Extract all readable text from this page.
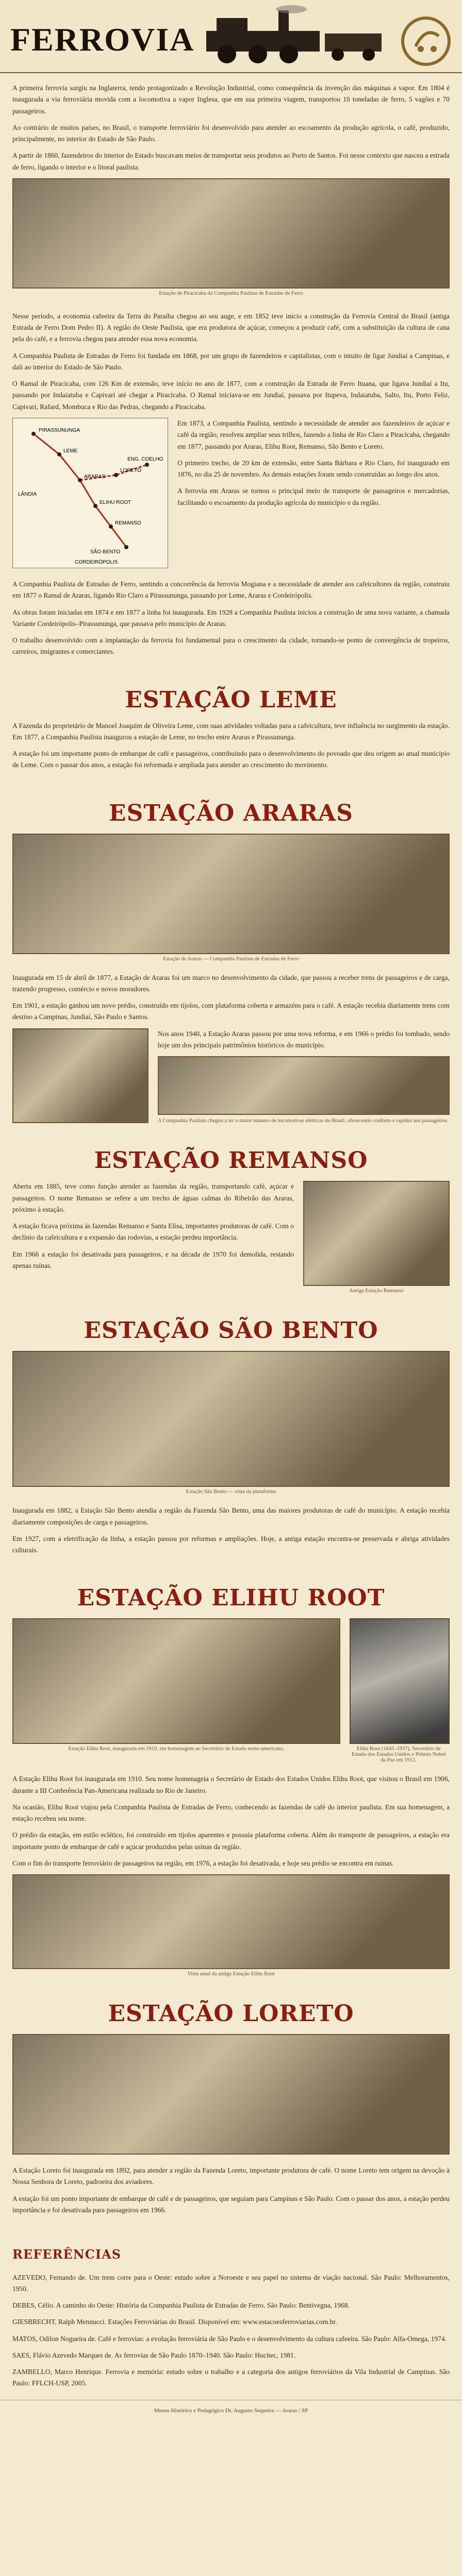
FERROVIA

A primeira ferrovia surgiu na Inglaterra, tendo protagonizado a Revolução Industrial, como consequência da invenção das máquinas a vapor. Em 1804 é inaugurada a via ferroviária movida com a locomotiva a vapor Inglesa, que em sua primeira viagem, transportou 10 toneladas de ferro, 5 vagões e 70 passageiros.

Ao contrário de muitos países, no Brasil, o transporte ferroviário foi desenvolvido para atender ao escoamento da produção agrícola, o café, produzido, principalmente, no interior do Estado de São Paulo.

A partir de 1860, fazendeiros do interior do Estado buscavam meios de transportar seus produtos ao Porto de Santos. Foi nesse contexto que nasceu a estrada de ferro, ligando o interior e o litoral paulista.

Estação de Piracicaba da Companhia Paulista de Estradas de Ferro

Nesse período, a economia cafeeira da Terra do Paraíba chegou ao seu auge, e em 1852 teve início a construção da Ferrovia Central do Brasil (antiga Estrada de Ferro Dom Pedro II). A região do Oeste Paulista, que era produtora de açúcar, começou a produzir café, com a substituição da cultura de cana pela do café, e a ferrovia chegou para atender essa nova economia.

A Companhia Paulista de Estradas de Ferro foi fundada em 1868, por um grupo de fazendeiros e capitalistas, com o intuito de ligar Jundiaí a Campinas, e dali ao interior do Estado de São Paulo.

O Ramal de Piracicaba, com 126 Km de extensão, teve início no ano de 1877, com a construção da Estrada de Ferro Ituana, que ligava Jundiaí a Itu, passando por Indaiatuba e Capivari até chegar a Piracicaba. O Ramal iniciava-se em Jundiaí, passava por Itupeva, Indaiatuba, Salto, Itu, Porto Feliz, Capivari, Rafard, Mombuca e Rio das Pedras, chegando a Piracicaba.

PIRASSUNUNGA
LEME
ARARAS
LÂNDIA
ELIHU ROOT
REMANSO
SÃO BENTO
LORETO
ENG. COELHO
CORDEIRÓPOLIS

Em 1873, a Companhia Paulista, sentindo a necessidade de atender aos fazendeiros de açúcar e café da região, resolveu ampliar seus trilhos, fazendo a linha de Rio Claro a Piracicaba, chegando em 1877, passando por Araras, Elihu Root, Remanso, São Bento e Loreto.

O primeiro trecho, de 20 km de extensão, entre Santa Bárbara e Rio Claro, foi inaugurado em 1876, no dia 25 de novembro. As demais estações foram sendo construídas ao longo dos anos.

A ferrovia em Araras se tornou o principal meio de transporte de passageiros e mercadorias, facilitando o escoamento da produção agrícola do município e da região.

A Companhia Paulista de Estradas de Ferro, sentindo a concorrência da ferrovia Mogiana e a necessidade de atender aos cafeicultores da região, construiu em 1877 o Ramal de Araras, ligando Rio Claro a Pirassununga, passando por Leme, Araras e Cordeirópolis.

As obras foram iniciadas em 1874 e em 1877 a linha foi inaugurada. Em 1928 a Companhia Paulista iniciou a construção de uma nova variante, a chamada Variante Cordeirópolis–Pirassununga, que passava pelo município de Araras.

O trabalho desenvolvido com a implantação da ferrovia foi fundamental para o crescimento da cidade, tornando-se ponto de convergência de tropeiros, carreiros, imigrantes e comerciantes.

ESTAÇÃO LEME

A Fazenda do proprietário de Manoel Joaquim de Oliveira Leme, com suas atividades voltadas para a cafeicultura, teve influência no surgimento da estação. Em 1877, a Companhia Paulista inaugurou a estação de Leme, no trecho entre Araras e Pirassununga.

A estação foi um importante ponto de embarque de café e passageiros, contribuindo para o desenvolvimento do povoado que deu origem ao atual município de Leme. Com o passar dos anos, a estação foi reformada e ampliada para atender ao crescimento do movimento.

ESTAÇÃO ARARAS
Estação de Araras — Companhia Paulista de Estradas de Ferro

Inaugurada em 15 de abril de 1877, a Estação de Araras foi um marco no desenvolvimento da cidade, que passou a receber trens de passageiros e de carga, trazendo progresso, comércio e novos moradores.

Em 1901, a estação ganhou um novo prédio, construído em tijolos, com plataforma coberta e armazéns para o café. A estação recebia diariamente trens com destino a Campinas, Jundiaí, São Paulo e Santos.

Nos anos 1940, a Estação Araras passou por uma nova reforma, e em 1966 o prédio foi tombado, sendo hoje um dos principais patrimônios históricos do município.

A Companhia Paulista chegou a ter o maior número de locomotivas elétricas do Brasil, oferecendo conforto e rapidez aos passageiros.
ESTAÇÃO REMANSO

Aberta em 1885, teve como função atender as fazendas da região, transportando café, açúcar e passageiros. O nome Remanso se refere a um trecho de águas calmas do Ribeirão das Araras, próximo à estação.

A estação ficava próxima às fazendas Remanso e Santa Elisa, importantes produtoras de café. Com o declínio da cafeicultura e a expansão das rodovias, a estação perdeu importância.

Em 1966 a estação foi desativada para passageiros, e na década de 1970 foi demolida, restando apenas ruínas.

Antiga Estação Remanso
ESTAÇÃO SÃO BENTO
Estação São Bento — vista da plataforma

Inaugurada em 1882, a Estação São Bento atendia a região da Fazenda São Bento, uma das maiores produtoras de café do município. A estação recebia diariamente composições de carga e passageiros.

Em 1927, com a eletrificação da linha, a estação passou por reformas e ampliações. Hoje, a antiga estação encontra-se preservada e abriga atividades culturais.

ESTAÇÃO ELIHU ROOT
Estação Elihu Root, inaugurada em 1910, em homenagem ao Secretário de Estado norte-americano.	Elihu Root (1845–1937), Secretário de Estado dos Estados Unidos e Prêmio Nobel da Paz em 1912.

A Estação Elihu Root foi inaugurada em 1910. Seu nome homenageia o Secretário de Estado dos Estados Unidos Elihu Root, que visitou o Brasil em 1906, durante a III Conferência Pan-Americana realizada no Rio de Janeiro.

Na ocasião, Elihu Root viajou pela Companhia Paulista de Estradas de Ferro, conhecendo as fazendas de café do interior paulista. Em sua homenagem, a estação recebeu seu nome.

O prédio da estação, em estilo eclético, foi construído em tijolos aparentes e possuía plataforma coberta. Além do transporte de passageiros, a estação era importante ponto de embarque de café e açúcar produzidos pelas usinas da região.

Com o fim do transporte ferroviário de passageiros na região, em 1976, a estação foi desativada, e hoje seu prédio se encontra em ruínas.

Vista atual da antiga Estação Elihu Root
ESTAÇÃO LORETO

A Estação Loreto foi inaugurada em 1892, para atender a região da Fazenda Loreto, importante produtora de café. O nome Loreto tem origem na devoção à Nossa Senhora de Loreto, padroeira dos aviadores.

A estação foi um ponto importante de embarque de café e de passageiros, que seguiam para Campinas e São Paulo. Com o passar dos anos, a estação perdeu importância e foi desativada para passageiros em 1966.

REFERÊNCIAS

AZEVEDO, Fernando de. Um trem corre para o Oeste: estudo sobre a Noroeste e seu papel no sistema de viação nacional. São Paulo: Melhoramentos, 1950.

DEBES, Célio. A caminho do Oeste: História da Companhia Paulista de Estradas de Ferro. São Paulo: Bentivegna, 1968.

GIESBRECHT, Ralph Mennucci. Estações Ferroviárias do Brasil. Disponível em: www.estacoesferroviarias.com.br.

MATOS, Odilon Nogueira de. Café e ferrovias: a evolução ferroviária de São Paulo e o desenvolvimento da cultura cafeeira. São Paulo: Alfa-Omega, 1974.

SAES, Flávio Azevedo Marques de. As ferrovias de São Paulo 1870–1940. São Paulo: Hucitec, 1981.

ZAMBELLO, Marco Henrique. Ferrovia e memória: estudo sobre o trabalho e a categoria dos antigos ferroviários da Vila Industrial de Campinas. São Paulo: FFLCH-USP, 2005.

Museu Histórico e Pedagógico Dr. Augusto Sequeira — Araras / SP
